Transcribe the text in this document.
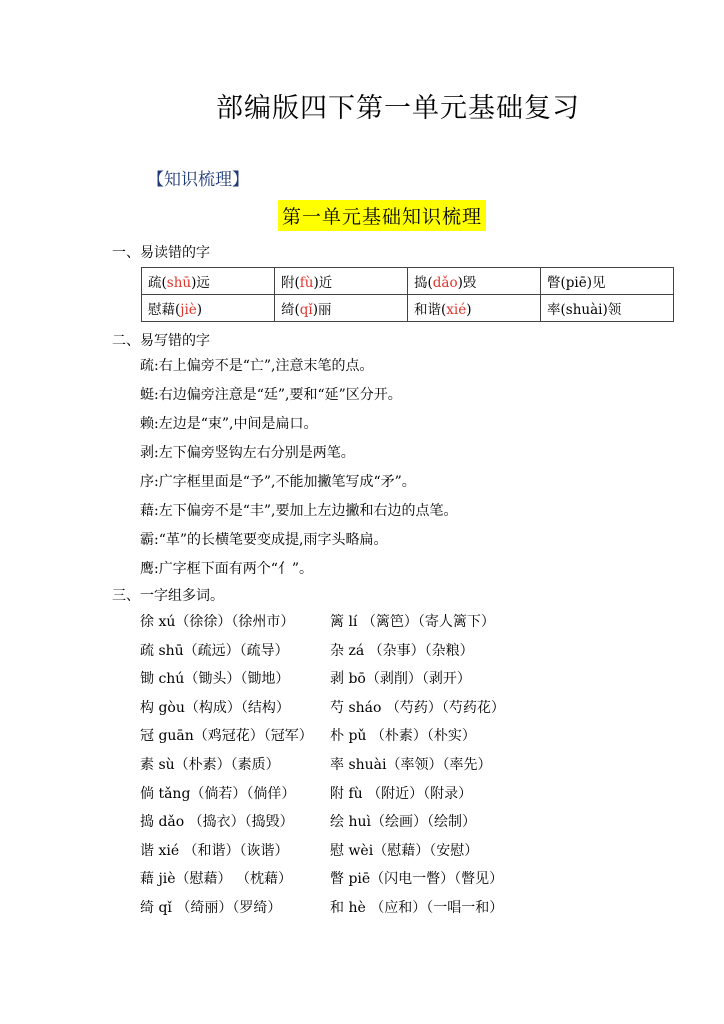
部编版四下第一单元基础复习
【知识梳理】
第一单元基础知识梳理
一、易读错的字
疏(shū)远	附(fù)近	捣(dǎo)毁	瞥(piē)见
慰藉(jiè)	绮(qǐ)丽	和谐(xié)	率(shuài)领
二、易写错的字
疏:右上偏旁不是“亡”,注意末笔的点。
蜓:右边偏旁注意是“廷”,要和“延”区分开。
赖:左边是“束”,中间是扁口。
剥:左下偏旁竖钩左右分别是两笔。
序:广字框里面是“予”,不能加撇笔写成“矛”。
藉:左下偏旁不是“丰”,要加上左边撇和右边的点笔。
霸:“革”的长横笔要变成提,雨字头略扁。
鹰:广字框下面有两个“亻”。
三、一字组多词。
徐 xú（徐徐）（徐州市）	篱 lí （篱笆）（寄人篱下）
疏 shū（疏远）（疏导）	杂 zá （杂事）（杂粮）
锄 chú（锄头）（锄地）	剥 bō（剥削）（剥开）
构 gòu（构成）（结构）	芍 sháo （芍药）（芍药花）
冠 guān（鸡冠花）（冠军） 朴 pǔ （朴素）（朴实）
素 sù（朴素）（素质）	率 shuài（率领）（率先）
倘 tǎng（倘若）（倘佯） 附 fù （附近）（附录）
捣 dǎo （捣衣）（捣毁）	绘 huì（绘画）（绘制）
谐 xié （和谐）（诙谐）	慰 wèi（慰藉）（安慰）
藉 jiè（慰藉） （枕藉）	瞥 piē（闪电一瞥）（瞥见）
绮 qǐ （绮丽）（罗绮）	和 hè （应和）（一唱一和）
